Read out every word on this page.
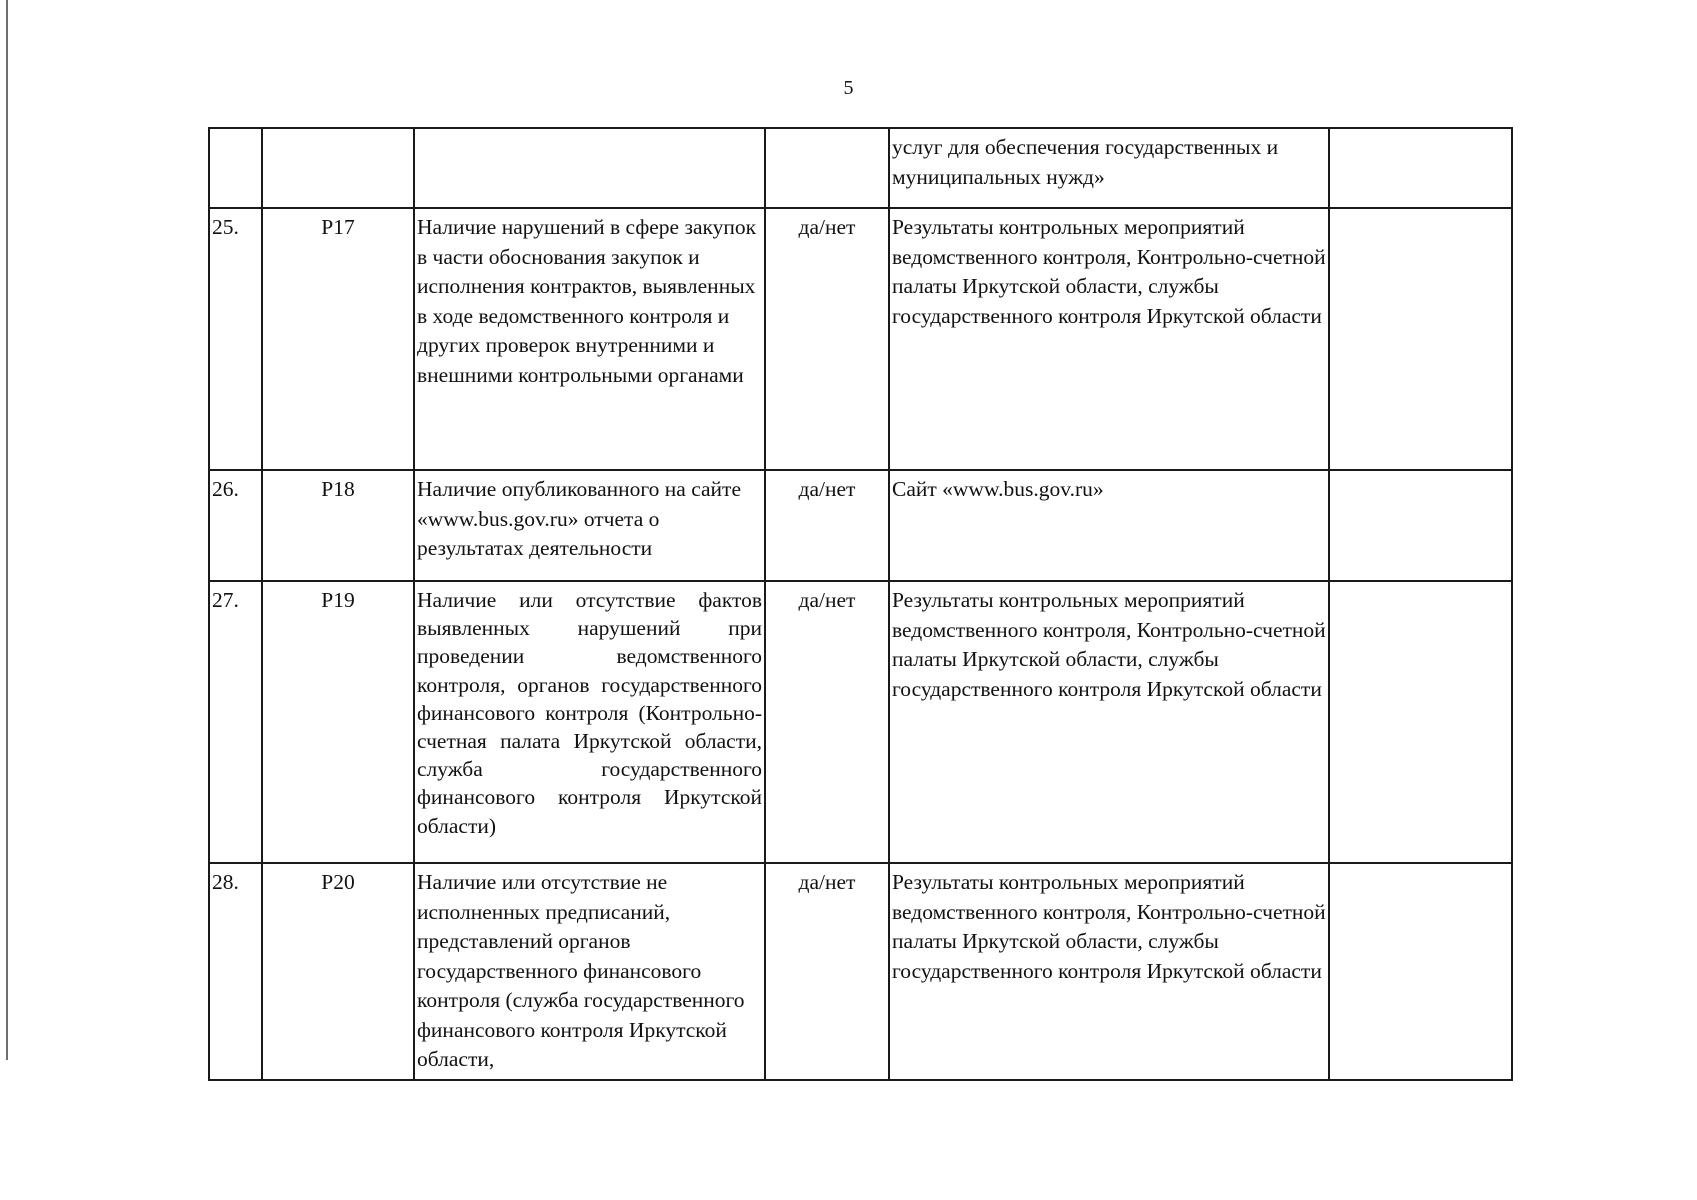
5
				услуг для обеспечения государственных и муниципальных нужд»	
25.	Р17	Наличие нарушений в сфере закупок в части обоснования закупок и исполнения контрактов, выявленных в ходе ведомственного контроля и других проверок внутренними и внешними контрольными органами	да/нет	Результаты контрольных мероприятий ведомственного контроля, Контрольно-счетной палаты Иркутской области, службы государственного контроля Иркутской области	
26.	Р18	Наличие опубликованного на сайте «www.bus.gov.ru» отчета о результатах деятельности	да/нет	Сайт «www.bus.gov.ru»	
27.	Р19	Наличие или отсутствие фактов выявленных нарушений при проведении ведомственного контроля, органов государственного финансового контроля (Контрольно-счетная палата Иркутской области, служба государственного финансового контроля Иркутской области)	да/нет	Результаты контрольных мероприятий ведомственного контроля, Контрольно-счетной палаты Иркутской области, службы государственного контроля Иркутской области	
28.	Р20	Наличие или отсутствие не исполненных предписаний, представлений органов государственного финансового контроля (служба государственного финансового контроля Иркутской области,	да/нет	Результаты контрольных мероприятий ведомственного контроля, Контрольно-счетной палаты Иркутской области, службы государственного контроля Иркутской области	
